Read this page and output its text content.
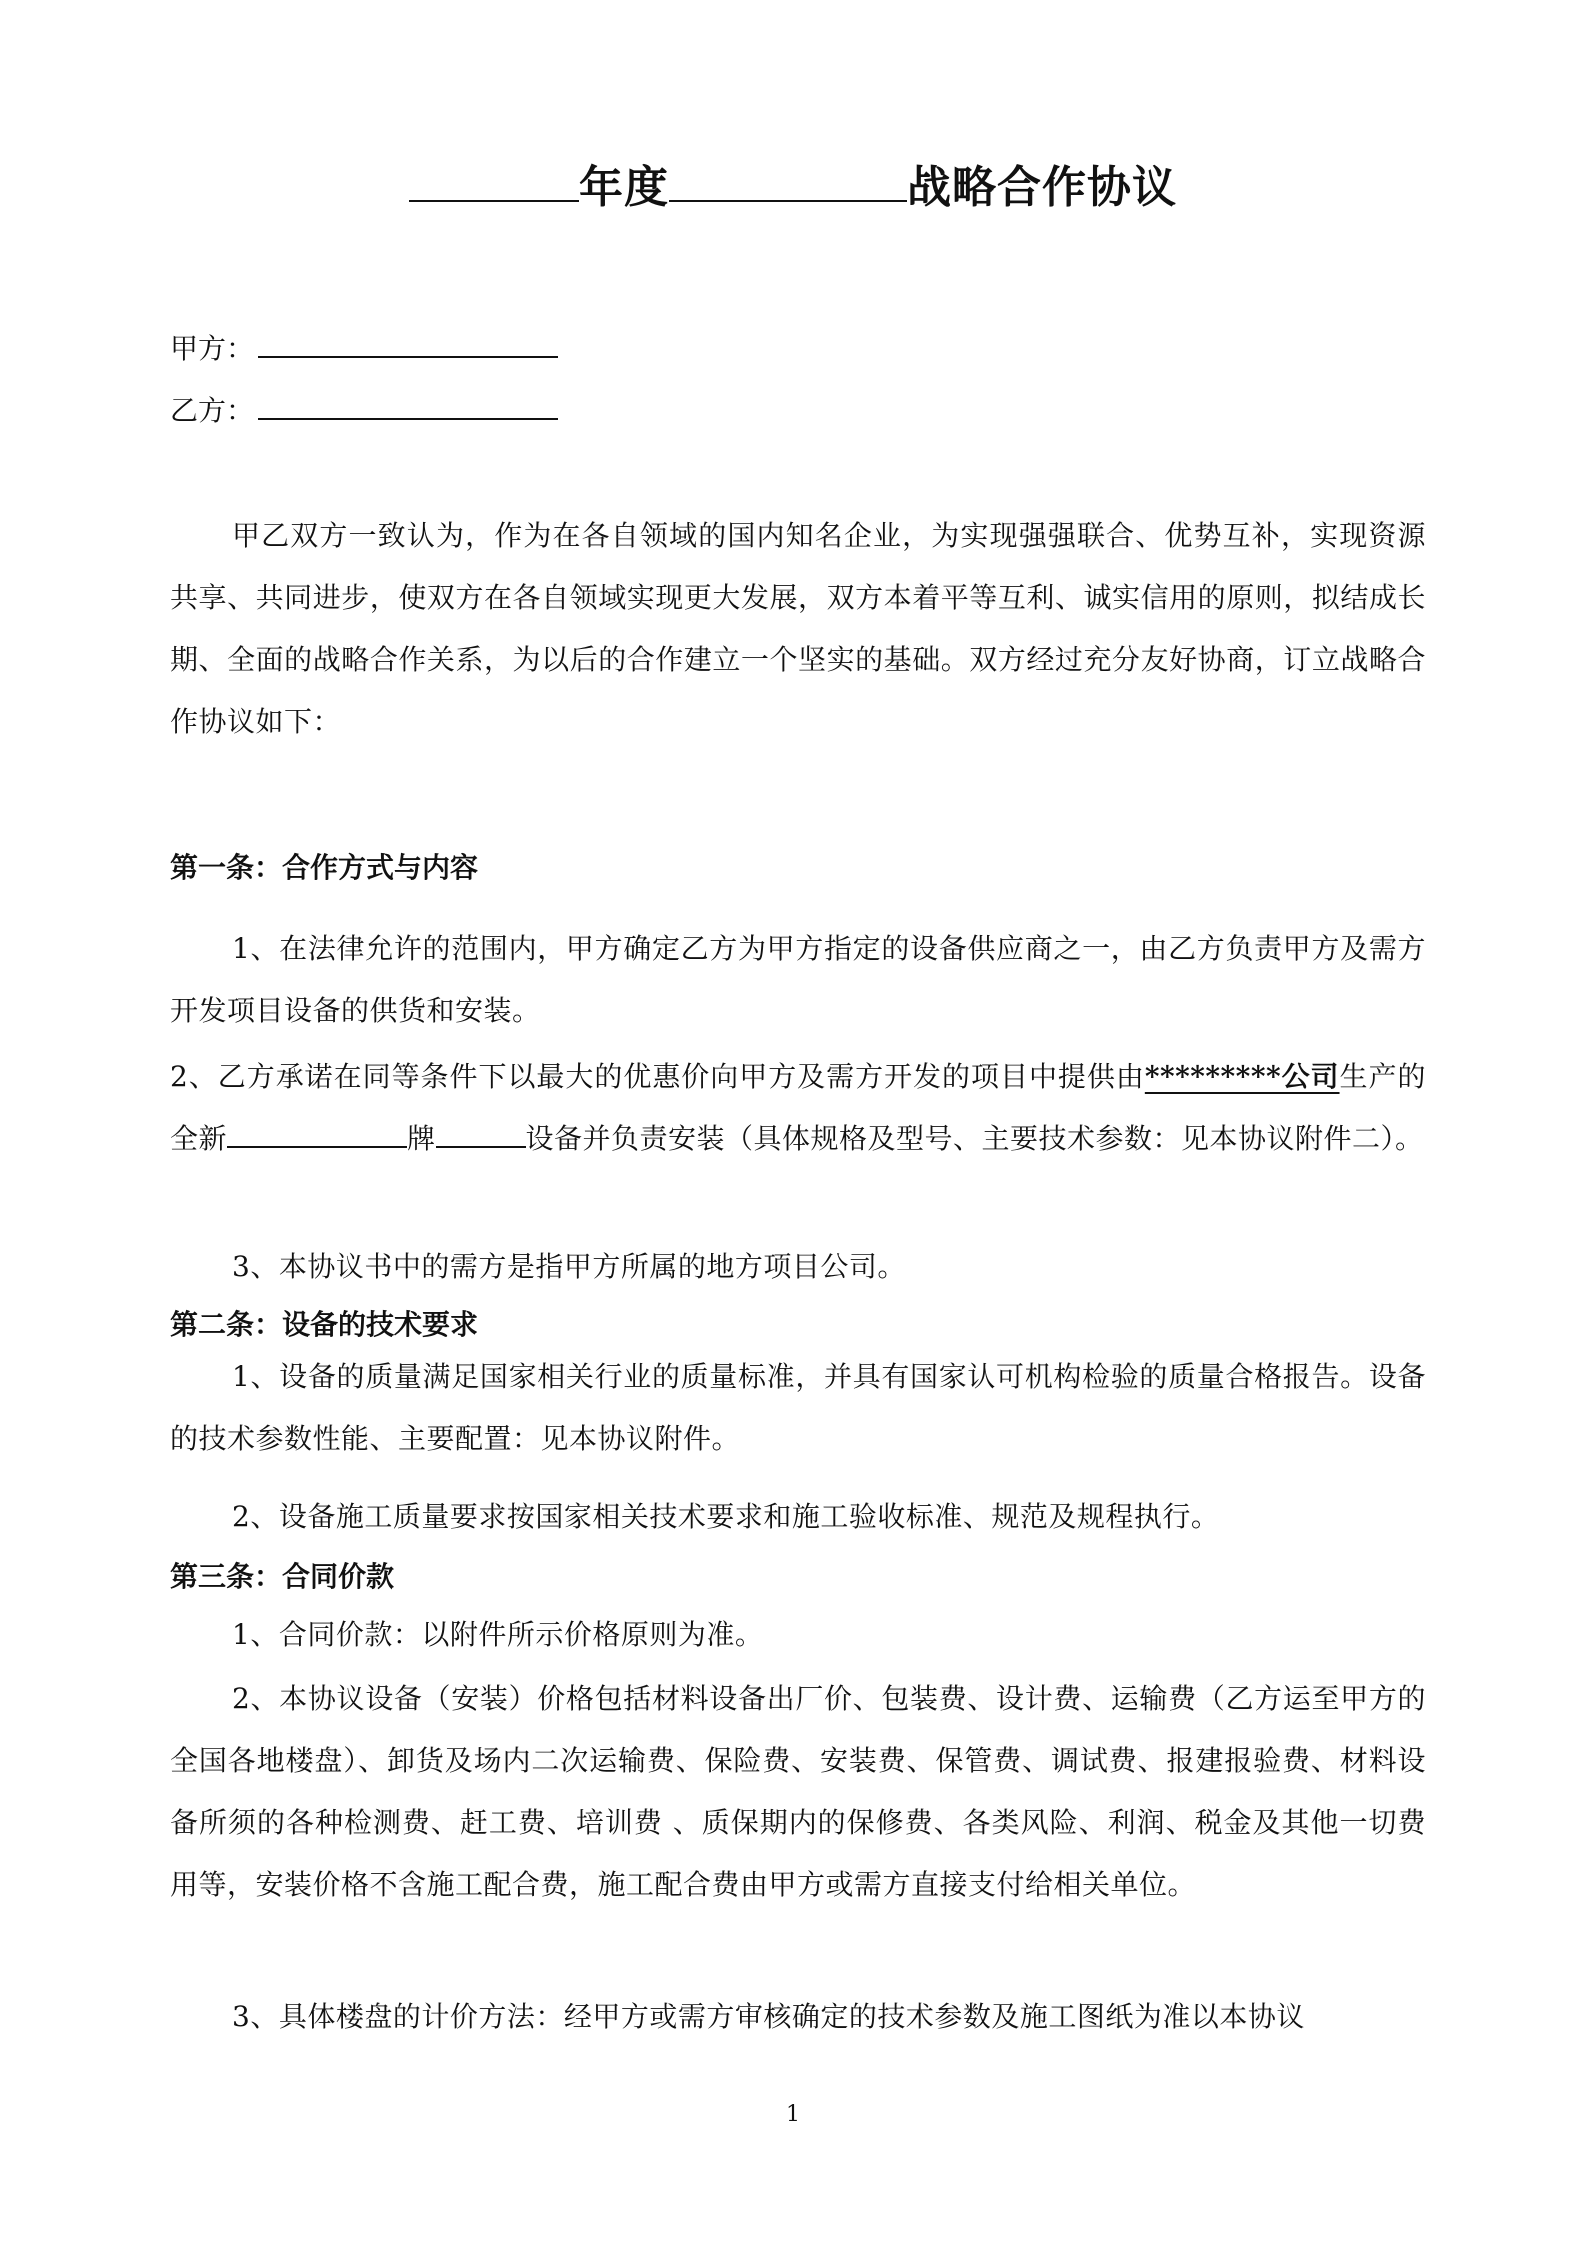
年度	战略合作协议
甲方：
乙方：
甲乙双方一致认为，作为在各自领域的国内知名企业，为实现强强联合、优势互补，实现资源共享、共同进步，使双方在各自领域实现更大发展，双方本着平等互利、诚实信用的原则，拟结成长期、全面的战略合作关系，为以后的合作建立一个坚实的基础。双方经过充分友好协商，订立战略合作协议如下：
第一条：合作方式与内容
1、在法律允许的范围内，甲方确定乙方为甲方指定的设备供应商之一，由乙方负责甲方及需方开发项目设备的供货和安装。
2、乙方承诺在同等条件下以最大的优惠价向甲方及需方开发的项目中提供由*********公司生产的全新	牌	设备并负责安装（具体规格及型号、主要技术参数：见本协议附件二）。
3、本协议书中的需方是指甲方所属的地方项目公司。
第二条：设备的技术要求
1、设备的质量满足国家相关行业的质量标准，并具有国家认可机构检验的质量合格报告。设备的技术参数性能、主要配置：见本协议附件。
2、设备施工质量要求按国家相关技术要求和施工验收标准、规范及规程执行。
第三条：合同价款
1、合同价款：以附件所示价格原则为准。
2、本协议设备（安装）价格包括材料设备出厂价、包装费、设计费、运输费（乙方运至甲方的全国各地楼盘）、卸货及场内二次运输费、保险费、安装费、保管费、调试费、报建报验费、材料设备所须的各种检测费、赶工费、培训费 、质保期内的保修费、各类风险、利润、税金及其他一切费用等，安装价格不含施工配合费，施工配合费由甲方或需方直接支付给相关单位。
3、具体楼盘的计价方法：经甲方或需方审核确定的技术参数及施工图纸为准以本协议
1
